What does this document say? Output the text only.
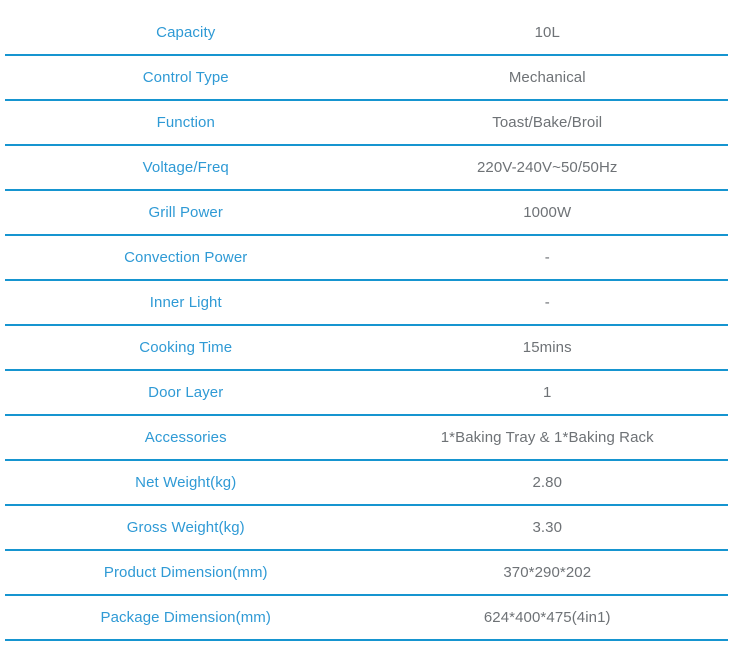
Capacity	10L
Control Type	Mechanical
Function	Toast/Bake/Broil
Voltage/Freq	220V-240V~50/50Hz
Grill Power	1000W
Convection Power	-
Inner Light	-
Cooking Time	15mins
Door Layer	1
Accessories	1*Baking Tray & 1*Baking Rack
Net Weight(kg)	2.80
Gross Weight(kg)	3.30
Product Dimension(mm)	370*290*202
Package Dimension(mm)	624*400*475(4in1)
